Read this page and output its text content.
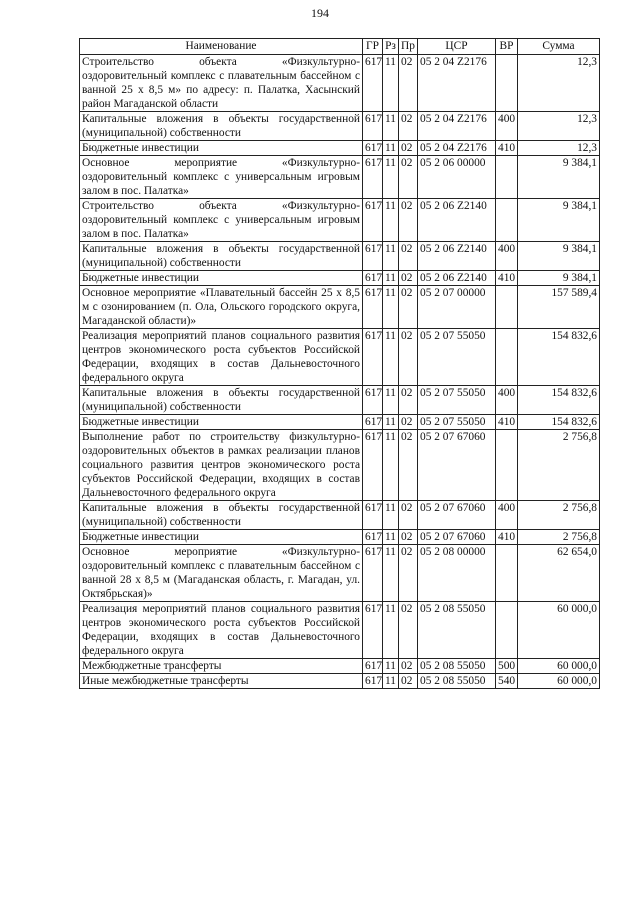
194
Наименование	ГР	Рз	Пр	ЦСР	ВР	Сумма
Строительство объекта «Физкультурно-оздоровительный комплекс с плавательным бассейном с ванной 25 х 8,5 м» по адресу: п. Палатка, Хасынский район Магаданской области	617	11	02	05 2 04 Z2176		12,3
Капитальные вложения в объекты государственной (муниципальной) собственности	617	11	02	05 2 04 Z2176	400	12,3
Бюджетные инвестиции	617	11	02	05 2 04 Z2176	410	12,3
Основное мероприятие «Физкультурно-оздоровительный комплекс с универсальным игровым залом в пос. Палатка»	617	11	02	05 2 06 00000		9 384,1
Строительство объекта «Физкультурно-оздоровительный комплекс с универсальным игровым залом в пос. Палатка»	617	11	02	05 2 06 Z2140		9 384,1
Капитальные вложения в объекты государственной (муниципальной) собственности	617	11	02	05 2 06 Z2140	400	9 384,1
Бюджетные инвестиции	617	11	02	05 2 06 Z2140	410	9 384,1
Основное мероприятие «Плавательный бассейн 25 х 8,5 м с озонированием (п. Ола, Ольского городского округа, Магаданской области)»	617	11	02	05 2 07 00000		157 589,4
Реализация мероприятий планов социального развития центров экономического роста субъектов Российской Федерации, входящих в состав Дальневосточного федерального округа	617	11	02	05 2 07 55050		154 832,6
Капитальные вложения в объекты государственной (муниципальной) собственности	617	11	02	05 2 07 55050	400	154 832,6
Бюджетные инвестиции	617	11	02	05 2 07 55050	410	154 832,6
Выполнение работ по строительству физкультурно-оздоровительных объектов в рамках реализации планов социального развития центров экономического роста субъектов Российской Федерации, входящих в состав Дальневосточного федерального округа	617	11	02	05 2 07 67060		2 756,8
Капитальные вложения в объекты государственной (муниципальной) собственности	617	11	02	05 2 07 67060	400	2 756,8
Бюджетные инвестиции	617	11	02	05 2 07 67060	410	2 756,8
Основное мероприятие «Физкультурно-оздоровительный комплекс с плавательным бассейном с ванной 28 х 8,5 м (Магаданская область, г. Магадан, ул. Октябрьская)»	617	11	02	05 2 08 00000		62 654,0
Реализация мероприятий планов социального развития центров экономического роста субъектов Российской Федерации, входящих в состав Дальневосточного федерального округа	617	11	02	05 2 08 55050		60 000,0
Межбюджетные трансферты	617	11	02	05 2 08 55050	500	60 000,0
Иные межбюджетные трансферты	617	11	02	05 2 08 55050	540	60 000,0
